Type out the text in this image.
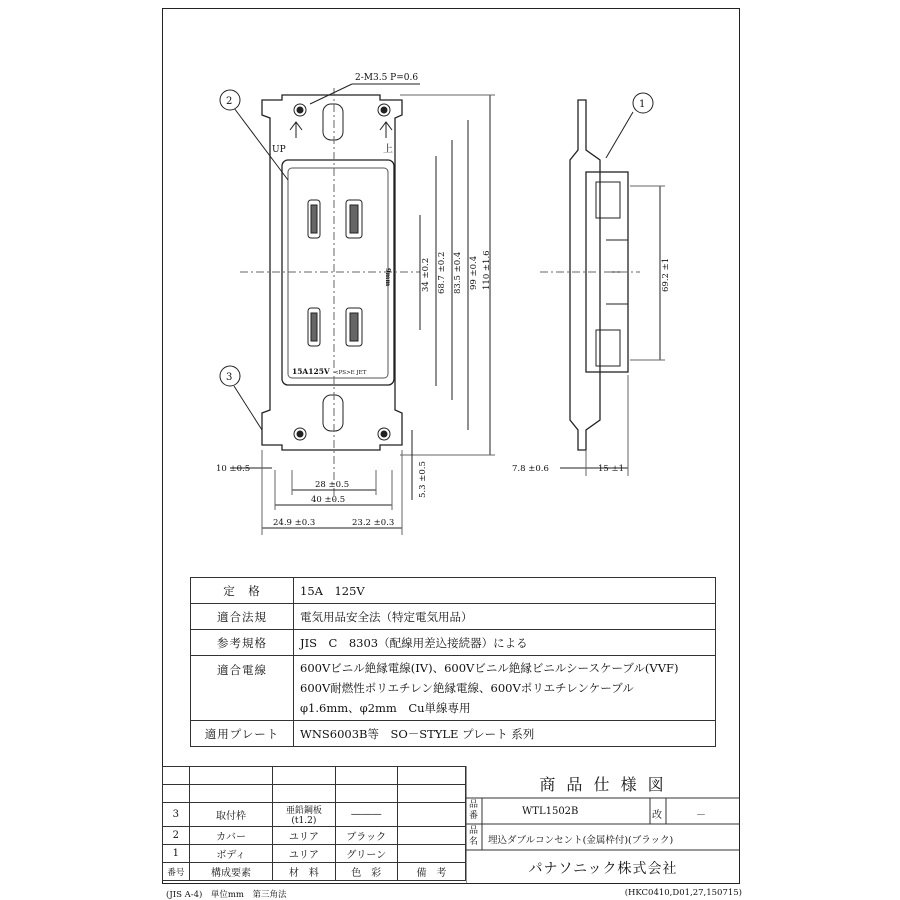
2	1
3
2-M3.5 P=0.6
UP	上
15A125V <PS>E JET
9mm	34 ±0.2 68.7 ±0.2 83.5 ±0.4 99 ±0.4 110 ±1.6
5.3 ±0.5
69.2 ±1
10 ±0.5
28 ±0.5
40 ±0.5
24.9 ±0.3	23.2 ±0.3
7.8 ±0.6	15 ±1
定　格	15A　125V

適合法規	電気用品安全法（特定電気用品）

参考規格	JIS　C　8303（配線用差込接続器）による

適合電線	600Vビニル絶縁電線(IV)、600Vビニル絶縁ビニルシースケーブル(VVF)
600V耐燃性ポリエチレン絶縁電線、600Vポリエチレンケーブル
φ1.6mm、φ2mm　Cu単線専用

適用プレート	WNS6003B等　SO－STYLE プレート 系列

3	取付枠	亜鉛鋼板(t1.2)	―――	
2	カバー	ユリア	ブラック	
1	ボディ	ユリア	グリーン	
番号	構成要素	材　料	色　彩	備　考
商 品 仕 様 図
品番	WTL1502B	改	－
品名 埋込ダブルコンセント(金属枠付)(ブラック)
パナソニック株式会社
(JIS A-4)　単位mm　第三角法	(HKC0410,D01,27,150715)
